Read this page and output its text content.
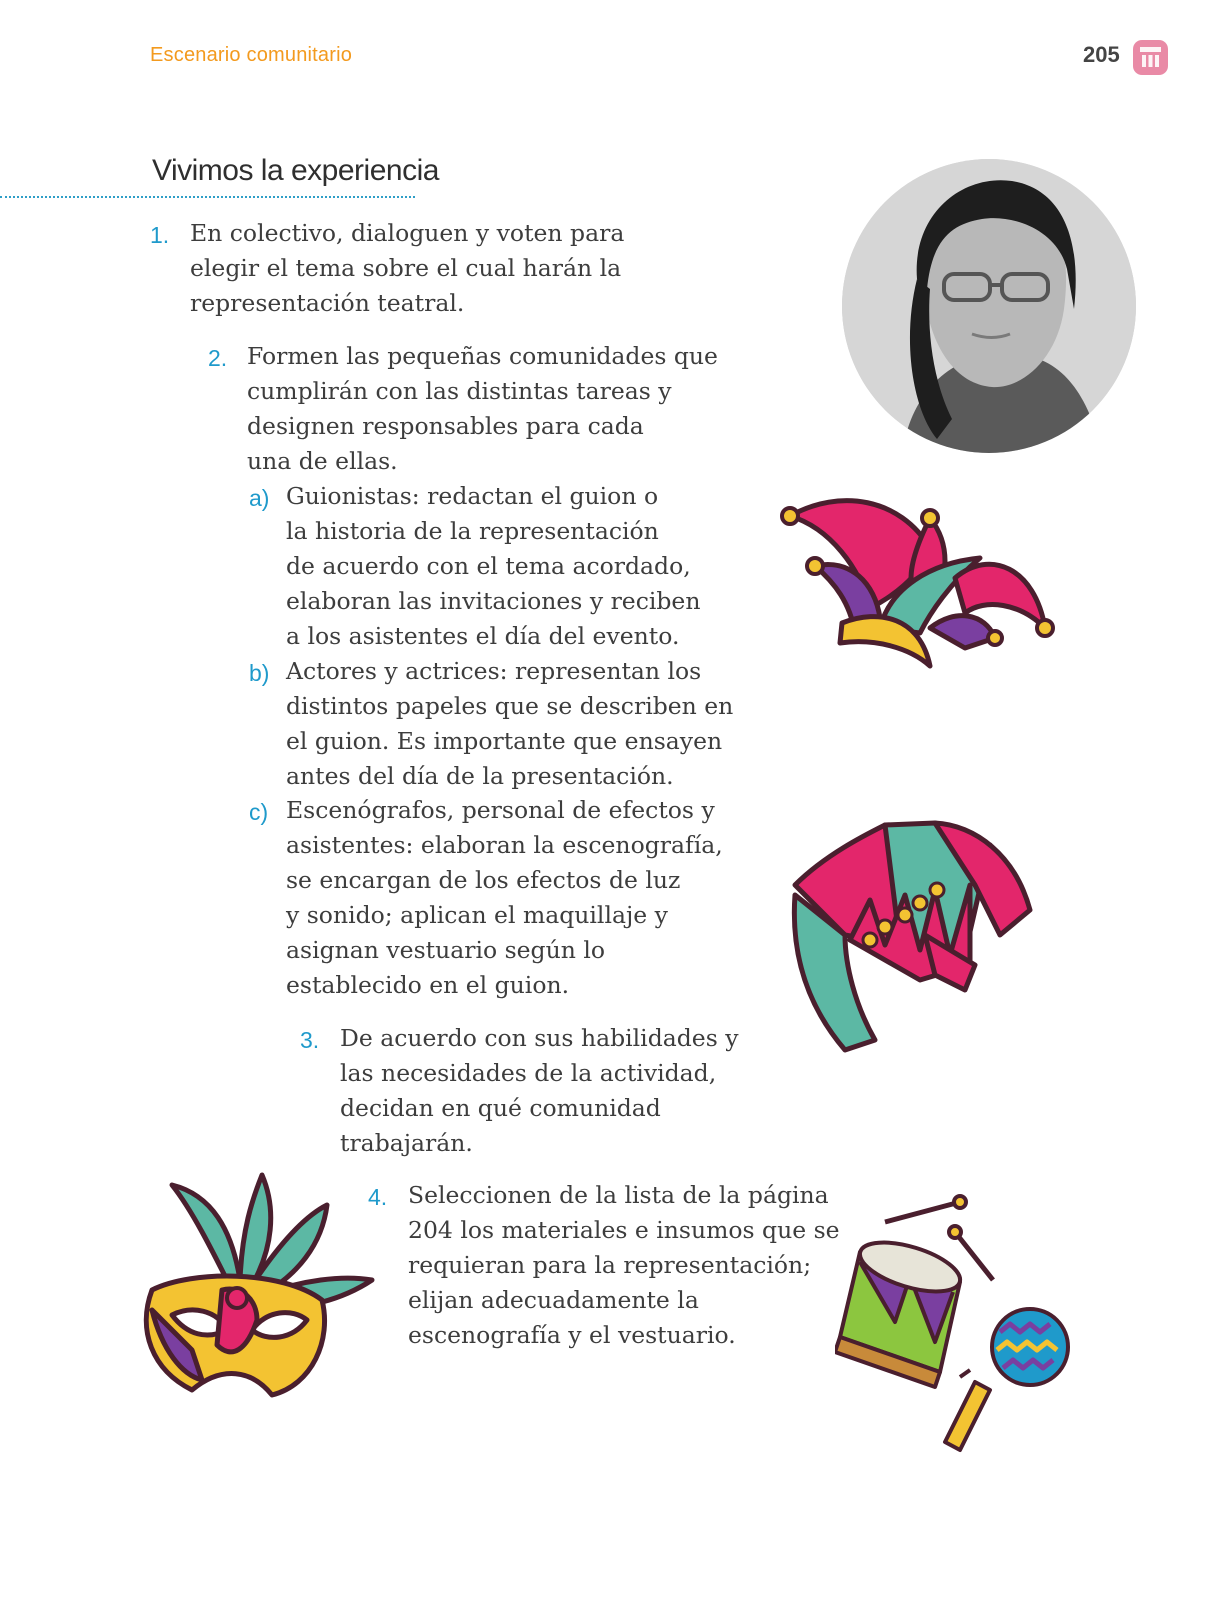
Escenario comunitario	205
Vivimos la experiencia
1. En colectivo, dialoguen y voten para
elegir el tema sobre el cual harán la
representación teatral.
2. Formen las pequeñas comunidades que
cumplirán con las distintas tareas y
designen responsables para cada
una de ellas.
a) Guionistas: redactan el guion o
la historia de la representación
de acuerdo con el tema acordado,
elaboran las invitaciones y reciben
a los asistentes el día del evento.
b) Actores y actrices: representan los
distintos papeles que se describen en
el guion. Es importante que ensayen
antes del día de la presentación.
c) Escenógrafos, personal de efectos y
asistentes: elaboran la escenografía,
se encargan de los efectos de luz
y sonido; aplican el maquillaje y
asignan vestuario según lo
establecido en el guion.
3. De acuerdo con sus habilidades y
las necesidades de la actividad,
decidan en qué comunidad
trabajarán.
4. Seleccionen de la lista de la página
204 los materiales e insumos que se
requieran para la representación;
elijan adecuadamente la
escenografía y el vestuario.
